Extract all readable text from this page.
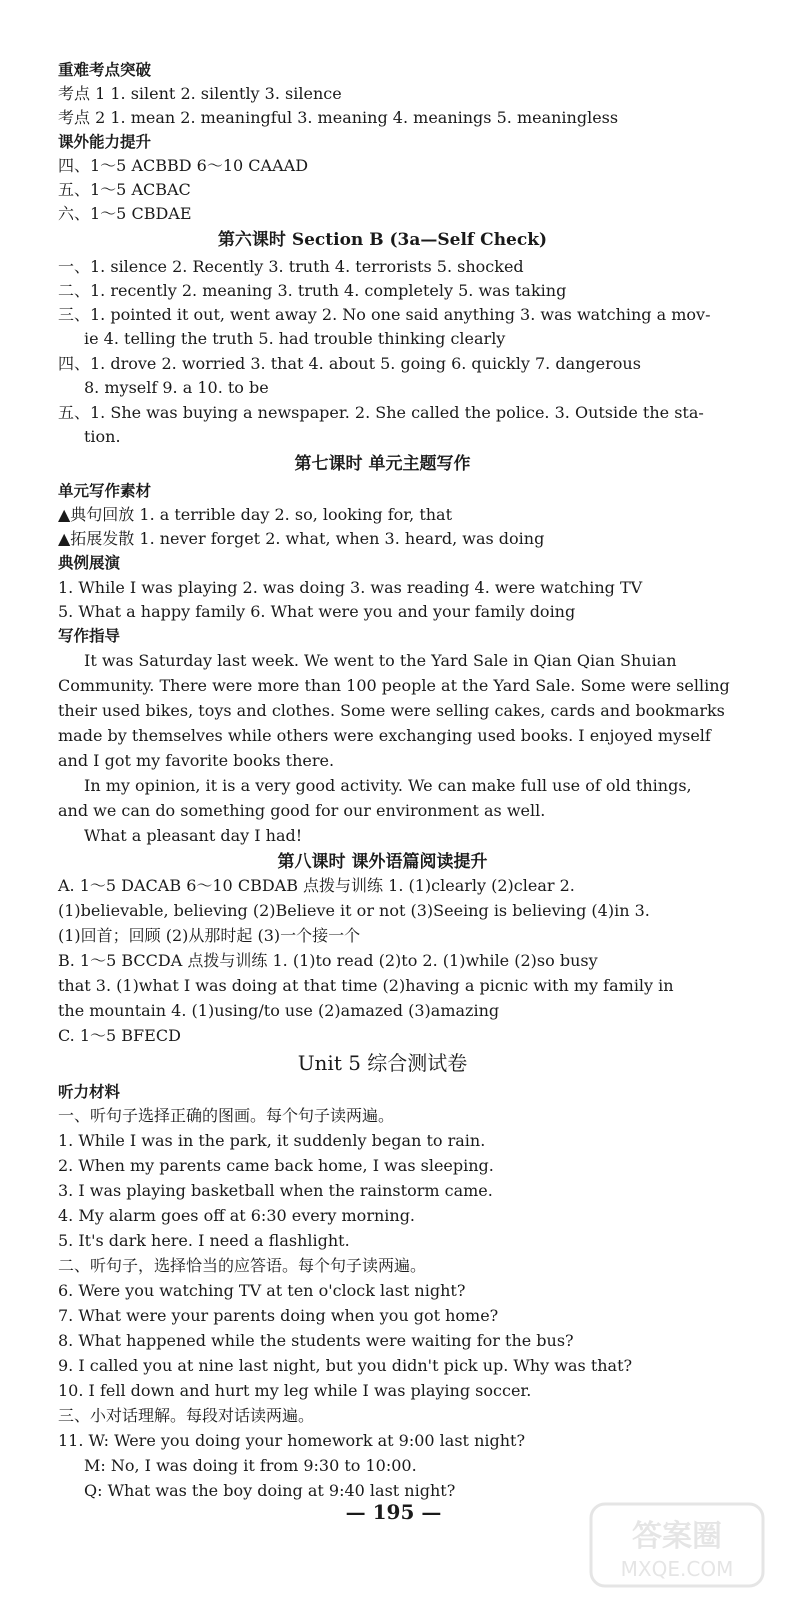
重难考点突破
考点 1 1. silent 2. silently 3. silence
考点 2 1. mean 2. meaningful 3. meaning 4. meanings 5. meaningless
课外能力提升
四、1～5 ACBBD 6～10 CAAAD
五、1～5 ACBAC
六、1～5 CBDAE
第六课时 Section B (3a—Self Check)
一、1. silence 2. Recently 3. truth 4. terrorists 5. shocked
二、1. recently 2. meaning 3. truth 4. completely 5. was taking
三、1. pointed it out, went away 2. No one said anything 3. was watching a mov-
ie 4. telling the truth 5. had trouble thinking clearly
四、1. drove 2. worried 3. that 4. about 5. going 6. quickly 7. dangerous
8. myself 9. a 10. to be
五、1. She was buying a newspaper. 2. She called the police. 3. Outside the sta-
tion.
第七课时 单元主题写作
单元写作素材
▲典句回放 1. a terrible day 2. so, looking for, that
▲拓展发散 1. never forget 2. what, when 3. heard, was doing
典例展演
1. While I was playing 2. was doing 3. was reading 4. were watching TV
5. What a happy family 6. What were you and your family doing
写作指导
It was Saturday last week. We went to the Yard Sale in Qian Qian Shuian
Community. There were more than 100 people at the Yard Sale. Some were selling
their used bikes, toys and clothes. Some were selling cakes, cards and bookmarks
made by themselves while others were exchanging used books. I enjoyed myself
and I got my favorite books there.
In my opinion, it is a very good activity. We can make full use of old things,
and we can do something good for our environment as well.
What a pleasant day I had!
第八课时 课外语篇阅读提升
A. 1～5 DACAB 6～10 CBDAB 点拨与训练 1. (1)clearly (2)clear 2.
(1)believable, believing (2)Believe it or not (3)Seeing is believing (4)in 3.
(1)回首；回顾 (2)从那时起 (3)一个接一个
B. 1～5 BCCDA 点拨与训练 1. (1)to read (2)to 2. (1)while (2)so busy
that 3. (1)what I was doing at that time (2)having a picnic with my family in
the mountain 4. (1)using/to use (2)amazed (3)amazing
C. 1～5 BFECD
Unit 5 综合测试卷
听力材料
一、听句子选择正确的图画。每个句子读两遍。
1. While I was in the park, it suddenly began to rain.
2. When my parents came back home, I was sleeping.
3. I was playing basketball when the rainstorm came.
4. My alarm goes off at 6:30 every morning.
5. It's dark here. I need a flashlight.
二、听句子，选择恰当的应答语。每个句子读两遍。
6. Were you watching TV at ten o'clock last night?
7. What were your parents doing when you got home?
8. What happened while the students were waiting for the bus?
9. I called you at nine last night, but you didn't pick up. Why was that?
10. I fell down and hurt my leg while I was playing soccer.
三、小对话理解。每段对话读两遍。
11. W: Were you doing your homework at 9:00 last night?
M: No, I was doing it from 9:30 to 10:00.
Q: What was the boy doing at 9:40 last night?
— 195 —
答案圈
MXQE.COM
